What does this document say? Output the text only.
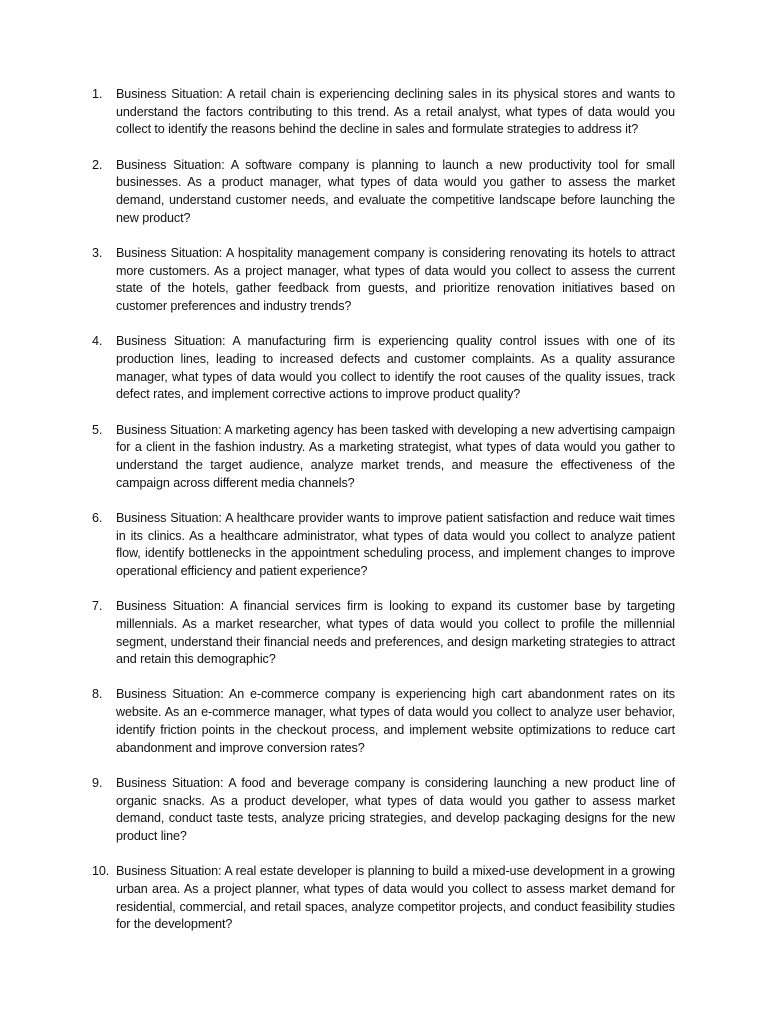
1.	Business Situation: A retail chain is experiencing declining sales in its physical stores and wants to understand the factors contributing to this trend. As a retail analyst, what types of data would you collect to identify the reasons behind the decline in sales and formulate strategies to address it?
2.	Business Situation: A software company is planning to launch a new productivity tool for small businesses. As a product manager, what types of data would you gather to assess the market demand, understand customer needs, and evaluate the competitive landscape before launching the new product?
3.	Business Situation: A hospitality management company is considering renovating its hotels to attract more customers. As a project manager, what types of data would you collect to assess the current state of the hotels, gather feedback from guests, and prioritize renovation initiatives based on customer preferences and industry trends?
4.	Business Situation: A manufacturing firm is experiencing quality control issues with one of its production lines, leading to increased defects and customer complaints. As a quality assurance manager, what types of data would you collect to identify the root causes of the quality issues, track defect rates, and implement corrective actions to improve product quality?
5.	Business Situation: A marketing agency has been tasked with developing a new advertising campaign for a client in the fashion industry. As a marketing strategist, what types of data would you gather to understand the target audience, analyze market trends, and measure the effectiveness of the campaign across different media channels?
6.	Business Situation: A healthcare provider wants to improve patient satisfaction and reduce wait times in its clinics. As a healthcare administrator, what types of data would you collect to analyze patient flow, identify bottlenecks in the appointment scheduling process, and implement changes to improve operational efficiency and patient experience?
7.	Business Situation: A financial services firm is looking to expand its customer base by targeting millennials. As a market researcher, what types of data would you collect to profile the millennial segment, understand their financial needs and preferences, and design marketing strategies to attract and retain this demographic?
8.	Business Situation: An e-commerce company is experiencing high cart abandonment rates on its website. As an e-commerce manager, what types of data would you collect to analyze user behavior, identify friction points in the checkout process, and implement website optimizations to reduce cart abandonment and improve conversion rates?
9.	Business Situation: A food and beverage company is considering launching a new product line of organic snacks. As a product developer, what types of data would you gather to assess market demand, conduct taste tests, analyze pricing strategies, and develop packaging designs for the new product line?
10. Business Situation: A real estate developer is planning to build a mixed-use development in a growing urban area. As a project planner, what types of data would you collect to assess market demand for residential, commercial, and retail spaces, analyze competitor projects, and conduct feasibility studies for the development?
